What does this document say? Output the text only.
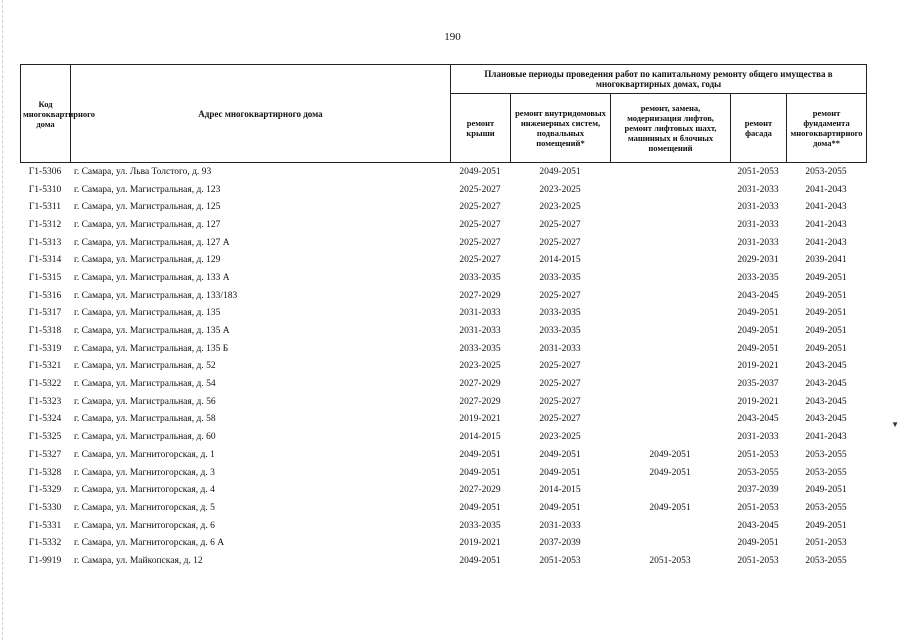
190
Код многоквартирного дома	Адрес многоквартирного дома	Плановые периоды проведения работ по капитальному ремонту общего имущества в многоквартирных домах, годы				
		ремонт крыши	ремонт внутридомовых инженерных систем, подвальных помещений*	ремонт, замена, модернизация лифтов, ремонт лифтовых шахт, машинных и блочных помещений	ремонт фасада	ремонт фундамента многоквартирного дома**
Г1-5306	г. Самара, ул. Льва Толстого, д. 93	2049-2051	2049-2051		2051-2053	2053-2055
Г1-5310	г. Самара, ул. Магистральная, д. 123	2025-2027	2023-2025		2031-2033	2041-2043
Г1-5311	г. Самара, ул. Магистральная, д. 125	2025-2027	2023-2025		2031-2033	2041-2043
Г1-5312	г. Самара, ул. Магистральная, д. 127	2025-2027	2025-2027		2031-2033	2041-2043
Г1-5313	г. Самара, ул. Магистральная, д. 127 А	2025-2027	2025-2027		2031-2033	2041-2043
Г1-5314	г. Самара, ул. Магистральная, д. 129	2025-2027	2014-2015		2029-2031	2039-2041
Г1-5315	г. Самара, ул. Магистральная, д. 133 А	2033-2035	2033-2035		2033-2035	2049-2051
Г1-5316	г. Самара, ул. Магистральная, д. 133/183	2027-2029	2025-2027		2043-2045	2049-2051
Г1-5317	г. Самара, ул. Магистральная, д. 135	2031-2033	2033-2035		2049-2051	2049-2051
Г1-5318	г. Самара, ул. Магистральная, д. 135 А	2031-2033	2033-2035		2049-2051	2049-2051
Г1-5319	г. Самара, ул. Магистральная, д. 135 Б	2033-2035	2031-2033		2049-2051	2049-2051
Г1-5321	г. Самара, ул. Магистральная, д. 52	2023-2025	2025-2027		2019-2021	2043-2045
Г1-5322	г. Самара, ул. Магистральная, д. 54	2027-2029	2025-2027		2035-2037	2043-2045
Г1-5323	г. Самара, ул. Магистральная, д. 56	2027-2029	2025-2027		2019-2021	2043-2045
Г1-5324	г. Самара, ул. Магистральная, д. 58	2019-2021	2025-2027		2043-2045	2043-2045
Г1-5325	г. Самара, ул. Магистральная, д. 60	2014-2015	2023-2025		2031-2033	2041-2043
Г1-5327	г. Самара, ул. Магнитогорская, д. 1	2049-2051	2049-2051	2049-2051	2051-2053	2053-2055
Г1-5328	г. Самара, ул. Магнитогорская, д. 3	2049-2051	2049-2051	2049-2051	2053-2055	2053-2055
Г1-5329	г. Самара, ул. Магнитогорская, д. 4	2027-2029	2014-2015		2037-2039	2049-2051
Г1-5330	г. Самара, ул. Магнитогорская, д. 5	2049-2051	2049-2051	2049-2051	2051-2053	2053-2055
Г1-5331	г. Самара, ул. Магнитогорская, д. 6	2033-2035	2031-2033		2043-2045	2049-2051
Г1-5332	г. Самара, ул. Магнитогорская, д. 6 А	2019-2021	2037-2039		2049-2051	2051-2053
Г1-9919	г. Самара, ул. Майкопская, д. 12	2049-2051	2051-2053	2051-2053	2051-2053	2053-2055
▼
